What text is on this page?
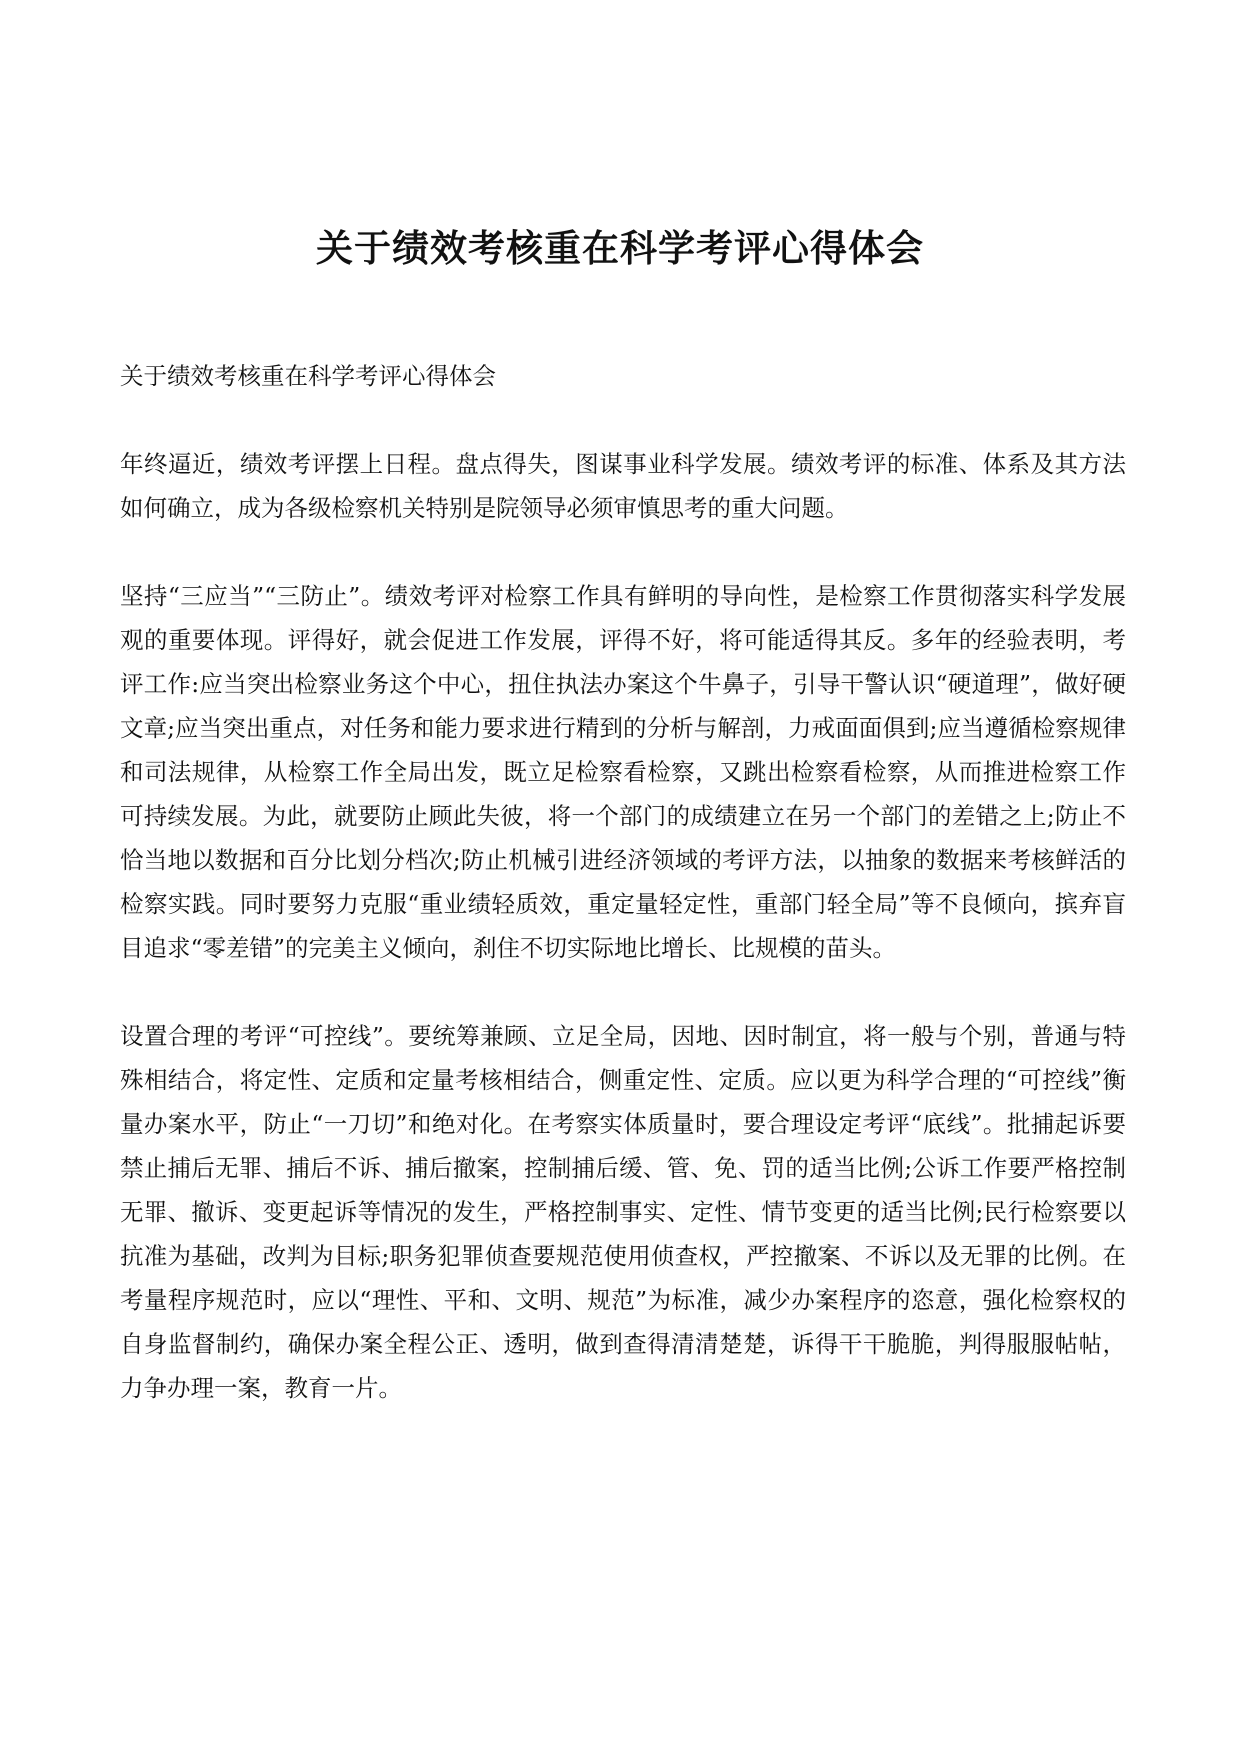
关于绩效考核重在科学考评心得体会

关于绩效考核重在科学考评心得体会

年终逼近，绩效考评摆上日程。盘点得失，图谋事业科学发展。绩效考评的标准、体系及其方法如何确立，成为各级检察机关特别是院领导必须审慎思考的重大问题。

坚持“三应当”“三防止”。绩效考评对检察工作具有鲜明的导向性，是检察工作贯彻落实科学发展观的重要体现。评得好，就会促进工作发展，评得不好，将可能适得其反。多年的经验表明，考评工作:应当突出检察业务这个中心，扭住执法办案这个牛鼻子，引导干警认识“硬道理”，做好硬文章;应当突出重点，对任务和能力要求进行精到的分析与解剖，力戒面面俱到;应当遵循检察规律和司法规律，从检察工作全局出发，既立足检察看检察，又跳出检察看检察，从而推进检察工作可持续发展。为此，就要防止顾此失彼，将一个部门的成绩建立在另一个部门的差错之上;防止不恰当地以数据和百分比划分档次;防止机械引进经济领域的考评方法，以抽象的数据来考核鲜活的检察实践。同时要努力克服“重业绩轻质效，重定量轻定性，重部门轻全局”等不良倾向，摈弃盲目追求“零差错”的完美主义倾向，刹住不切实际地比增长、比规模的苗头。

设置合理的考评“可控线”。要统筹兼顾、立足全局，因地、因时制宜，将一般与个别，普通与特殊相结合，将定性、定质和定量考核相结合，侧重定性、定质。应以更为科学合理的“可控线”衡量办案水平，防止“一刀切”和绝对化。在考察实体质量时，要合理设定考评“底线”。批捕起诉要禁止捕后无罪、捕后不诉、捕后撤案，控制捕后缓、管、免、罚的适当比例;公诉工作要严格控制无罪、撤诉、变更起诉等情况的发生，严格控制事实、定性、情节变更的适当比例;民行检察要以抗准为基础，改判为目标;职务犯罪侦查要规范使用侦查权，严控撤案、不诉以及无罪的比例。在考量程序规范时，应以“理性、平和、文明、规范”为标准，减少办案程序的恣意，强化检察权的自身监督制约，确保办案全程公正、透明，做到查得清清楚楚，诉得干干脆脆，判得服服帖帖，力争办理一案，教育一片。
